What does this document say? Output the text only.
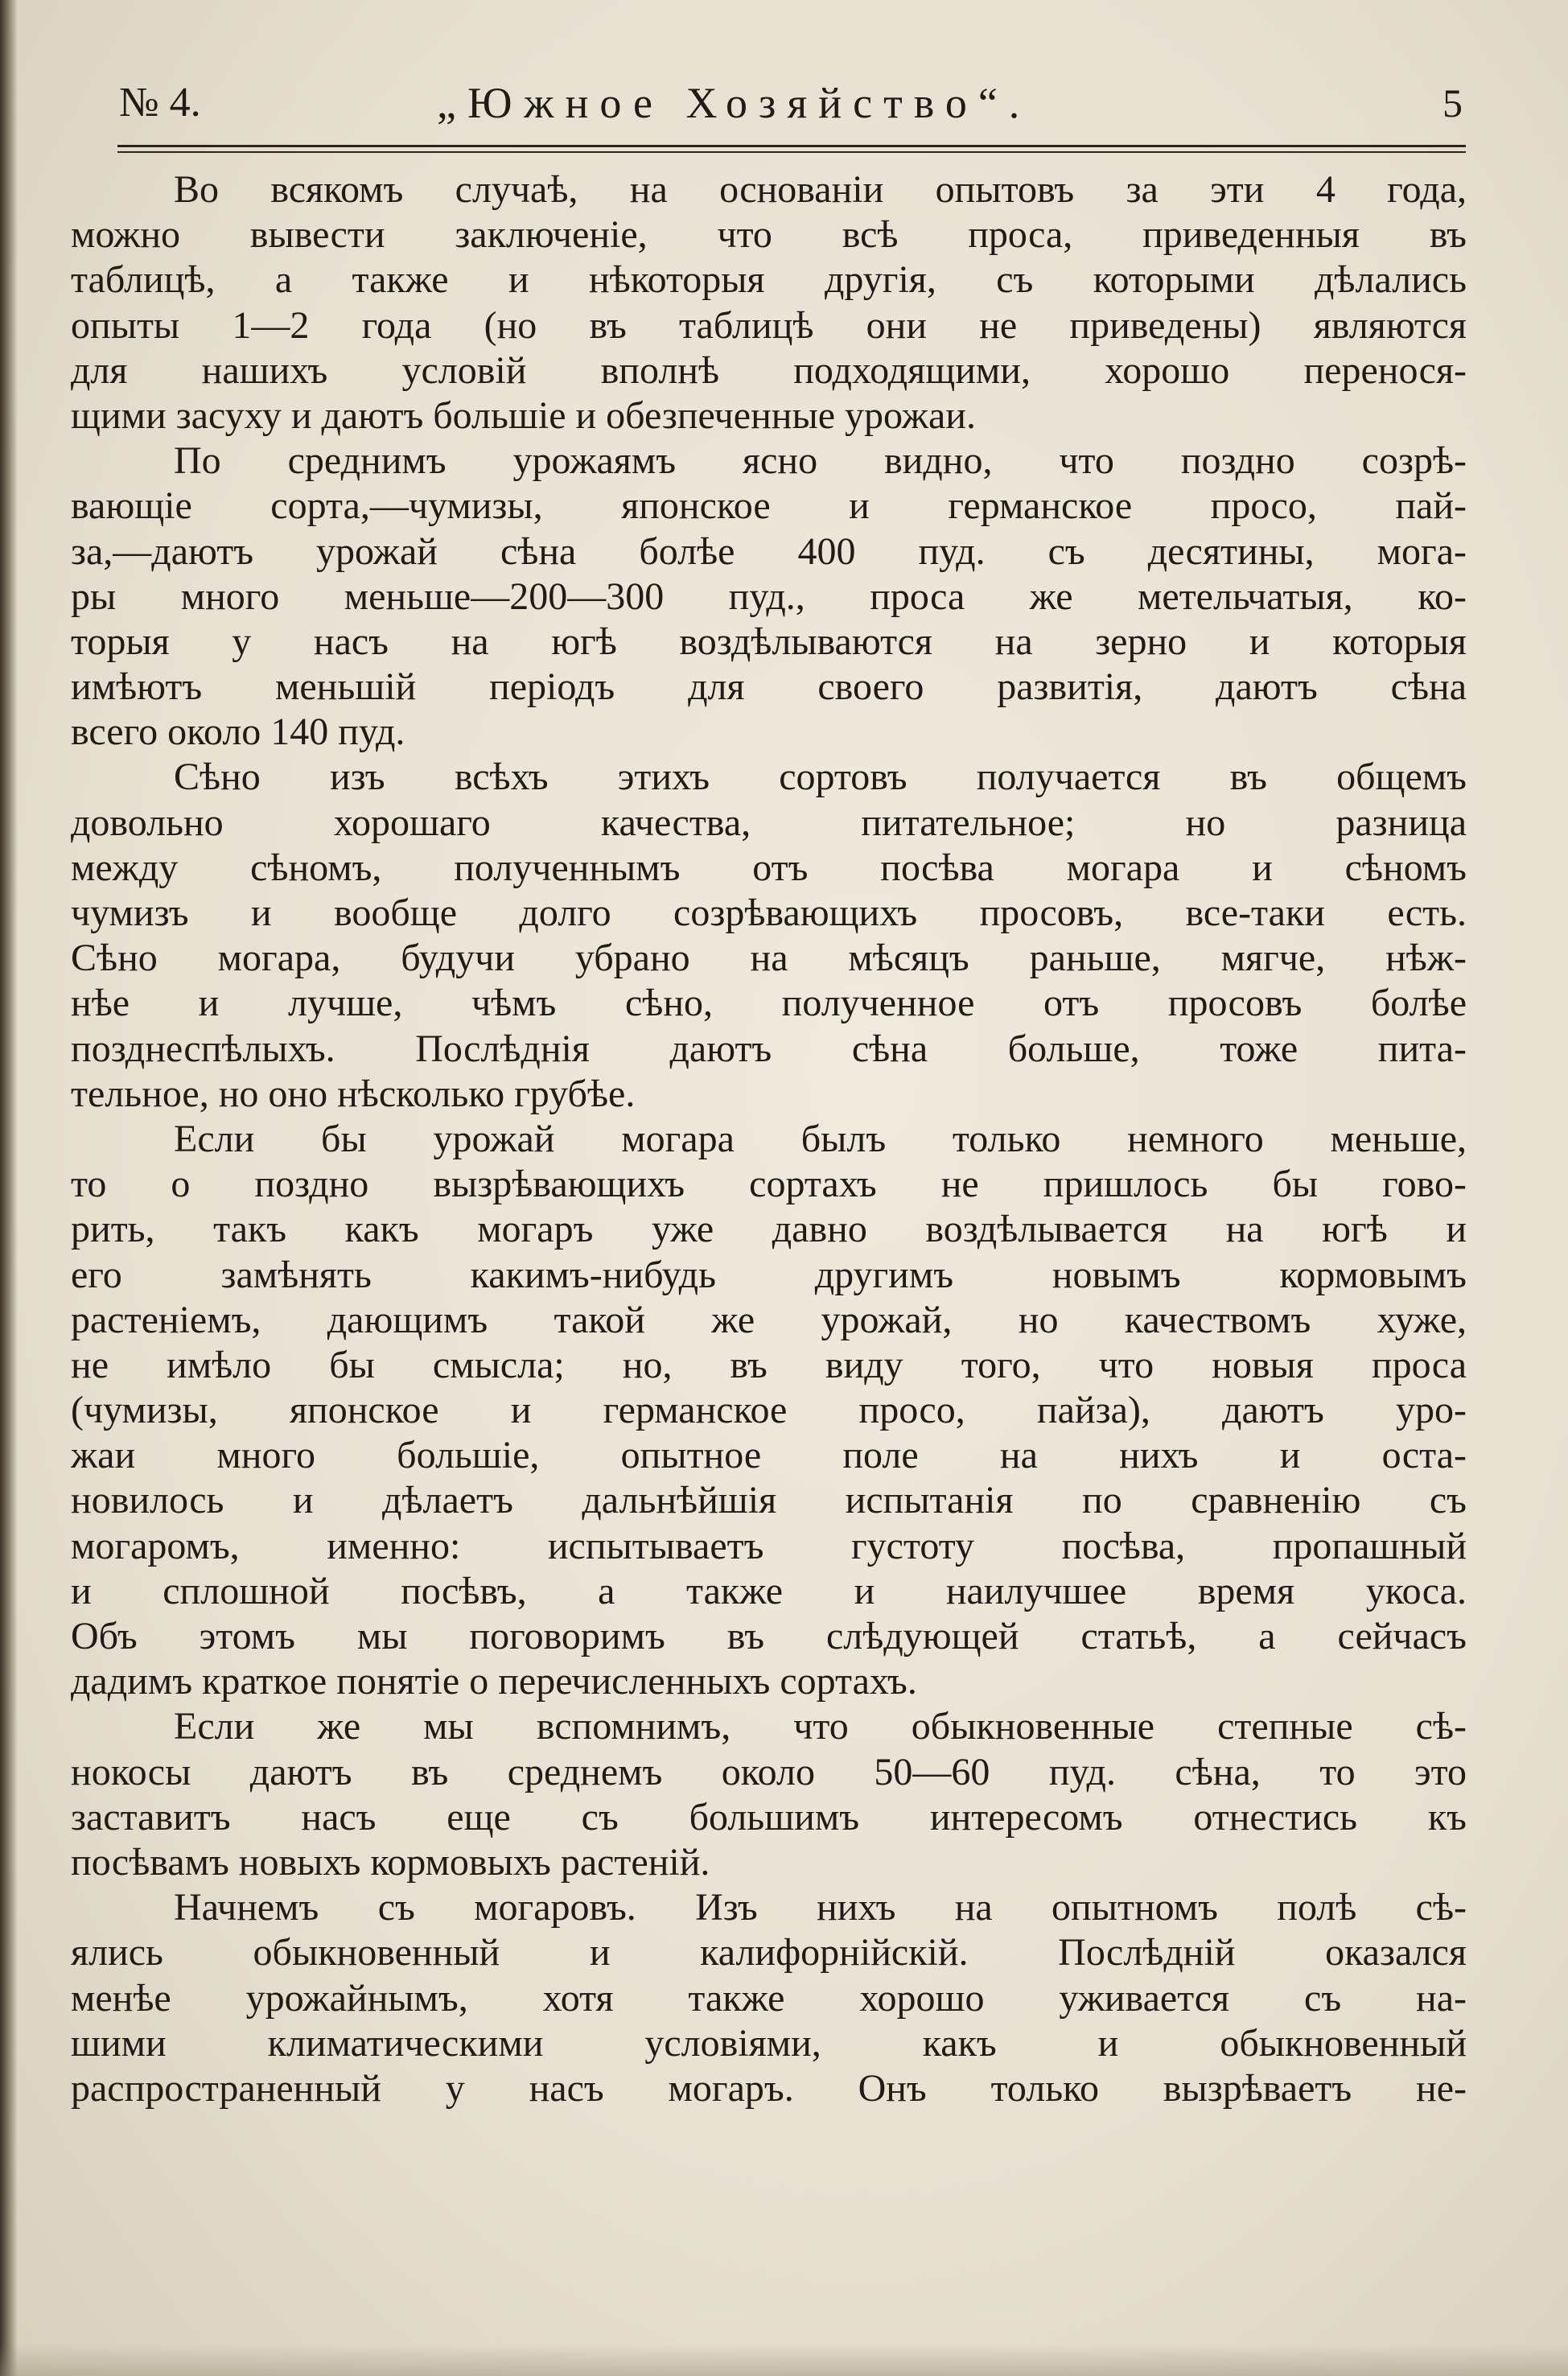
№ 4.	„Южное Хозяйство“.	5
Во всякомъ случаѣ, на основаніи опытовъ за эти 4 года,
можно вывести заключеніе, что всѣ проса, приведенныя въ
таблицѣ, а также и нѣкоторыя другія, съ которыми дѣлались
опыты 1—2 года (но въ таблицѣ они не приведены) являются
для нашихъ условій вполнѣ подходящими, хорошо перенося-
щими засуху и даютъ большіе и обезпеченные урожаи.
По среднимъ урожаямъ ясно видно, что поздно созрѣ-
вающіе сорта,—чумизы, японское и германское просо, пай-
за,—даютъ урожай сѣна болѣе 400 пуд. съ десятины, мога-
ры много меньше—200—300 пуд., проса же метельчатыя, ко-
торыя у насъ на югѣ воздѣлываются на зерно и которыя
имѣютъ меньшій періодъ для своего развитія, даютъ сѣна
всего около 140 пуд.
Сѣно изъ всѣхъ этихъ сортовъ получается въ общемъ
довольно хорошаго качества, питательное; но разница
между сѣномъ, полученнымъ отъ посѣва могара и сѣномъ
чумизъ и вообще долго созрѣвающихъ просовъ, все-таки есть.
Сѣно могара, будучи убрано на мѣсяцъ раньше, мягче, нѣж-
нѣе и лучше, чѣмъ сѣно, полученное отъ просовъ болѣе
позднеспѣлыхъ. Послѣднія даютъ сѣна больше, тоже пита-
тельное, но оно нѣсколько грубѣе.
Если бы урожай могара былъ только немного меньше,
то о поздно вызрѣвающихъ сортахъ не пришлось бы гово-
рить, такъ какъ могаръ уже давно воздѣлывается на югѣ и
его замѣнять какимъ-нибудь другимъ новымъ кормовымъ
растеніемъ, дающимъ такой же урожай, но качествомъ хуже,
не имѣло бы смысла; но, въ виду того, что новыя проса
(чумизы, японское и германское просо, пайза), даютъ уро-
жаи много большіе, опытное поле на нихъ и оста-
новилось и дѣлаетъ дальнѣйшія испытанія по сравненію съ
могаромъ, именно: испытываетъ густоту посѣва, пропашный
и сплошной посѣвъ, а также и наилучшее время укоса.
Объ этомъ мы поговоримъ въ слѣдующей статьѣ, а сейчасъ
дадимъ краткое понятіе о перечисленныхъ сортахъ.
Если же мы вспомнимъ, что обыкновенные степные сѣ-
нокосы даютъ въ среднемъ около 50—60 пуд. сѣна, то это
заставитъ насъ еще съ большимъ интересомъ отнестись къ
посѣвамъ новыхъ кормовыхъ растеній.
Начнемъ съ могаровъ. Изъ нихъ на опытномъ полѣ сѣ-
ялись обыкновенный и калифорнійскій. Послѣдній оказался
менѣе урожайнымъ, хотя также хорошо уживается съ на-
шими климатическими условіями, какъ и обыкновенный
распространенный у насъ могаръ. Онъ только вызрѣваетъ не-
